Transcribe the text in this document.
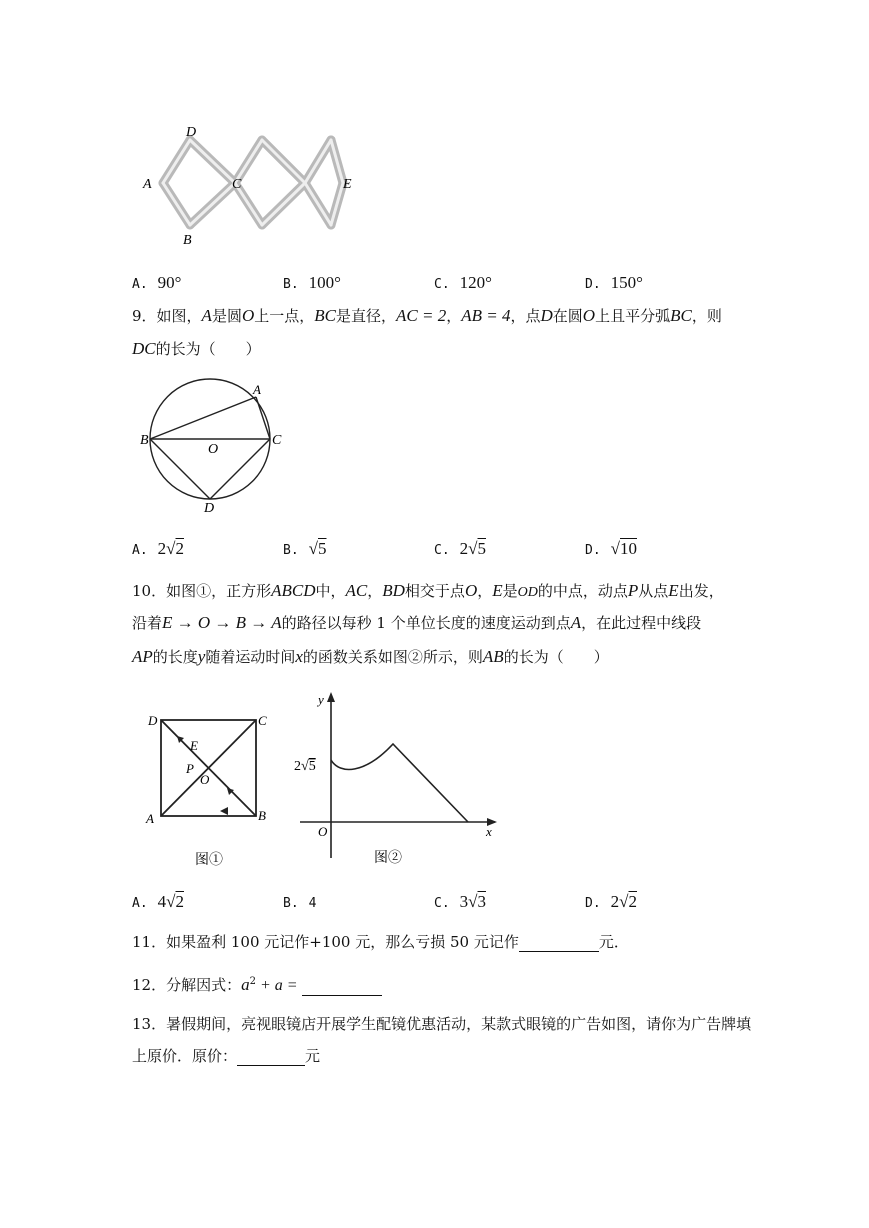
D
A	C	E
B
A. 90°	B. 100°	C. 120°	D. 150°
9．如图，A是圆O上一点，BC是直径，AC = 2，AB = 4，点D在圆O上且平分弧BC，则
DC的长为（　　）
A
B	C
O
D
A. 2√2	B. √5	C. 2√5	D. √10
10．如图①，正方形ABCD中，AC，BD相交于点O，E是OD的中点，动点P从点E出发，
沿着E → O → B → A的路径以每秒 1 个单位长度的速度运动到点A，在此过程中线段
AP的长度y随着运动时间x的函数关系如图②所示，则AB的长为（　　）
D	C
E
P
O
A	B
图①
y
2√5
O	x
图②
A. 4√2	B. 4	C. 3√3	D. 2√2
11．如果盈利 100 元记作+100 元，那么亏损 50 元记作	元．
12．分解因式：$a^2 + a$ =
13．暑假期间，亮视眼镜店开展学生配镜优惠活动，某款式眼镜的广告如图，请你为广告牌填
上原价．原价：	元
